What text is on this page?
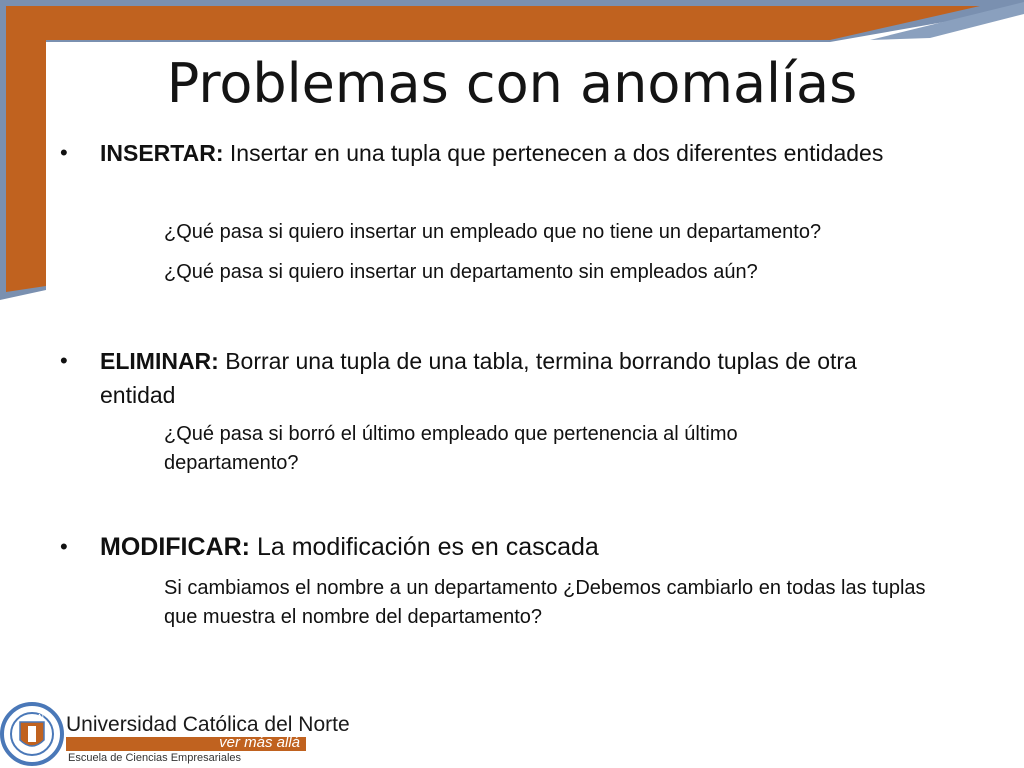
Problemas con anomalías
• INSERTAR: Insertar en una tupla que pertenecen a dos diferentes entidades
¿Qué pasa si quiero insertar un empleado que no tiene un departamento?
¿Qué pasa si quiero insertar un departamento sin empleados aún?
• ELIMINAR: Borrar una tupla de una tabla, termina borrando tuplas de otra entidad
¿Qué pasa si borró el último empleado que pertenencia al último departamento?
• MODIFICAR: La modificación es en cascada
Si cambiamos el nombre a un departamento ¿Debemos cambiarlo en todas las tuplas que muestra el nombre del departamento?
N Universidad Católica del Norte
ver más allá
Escuela de Ciencias Empresariales
